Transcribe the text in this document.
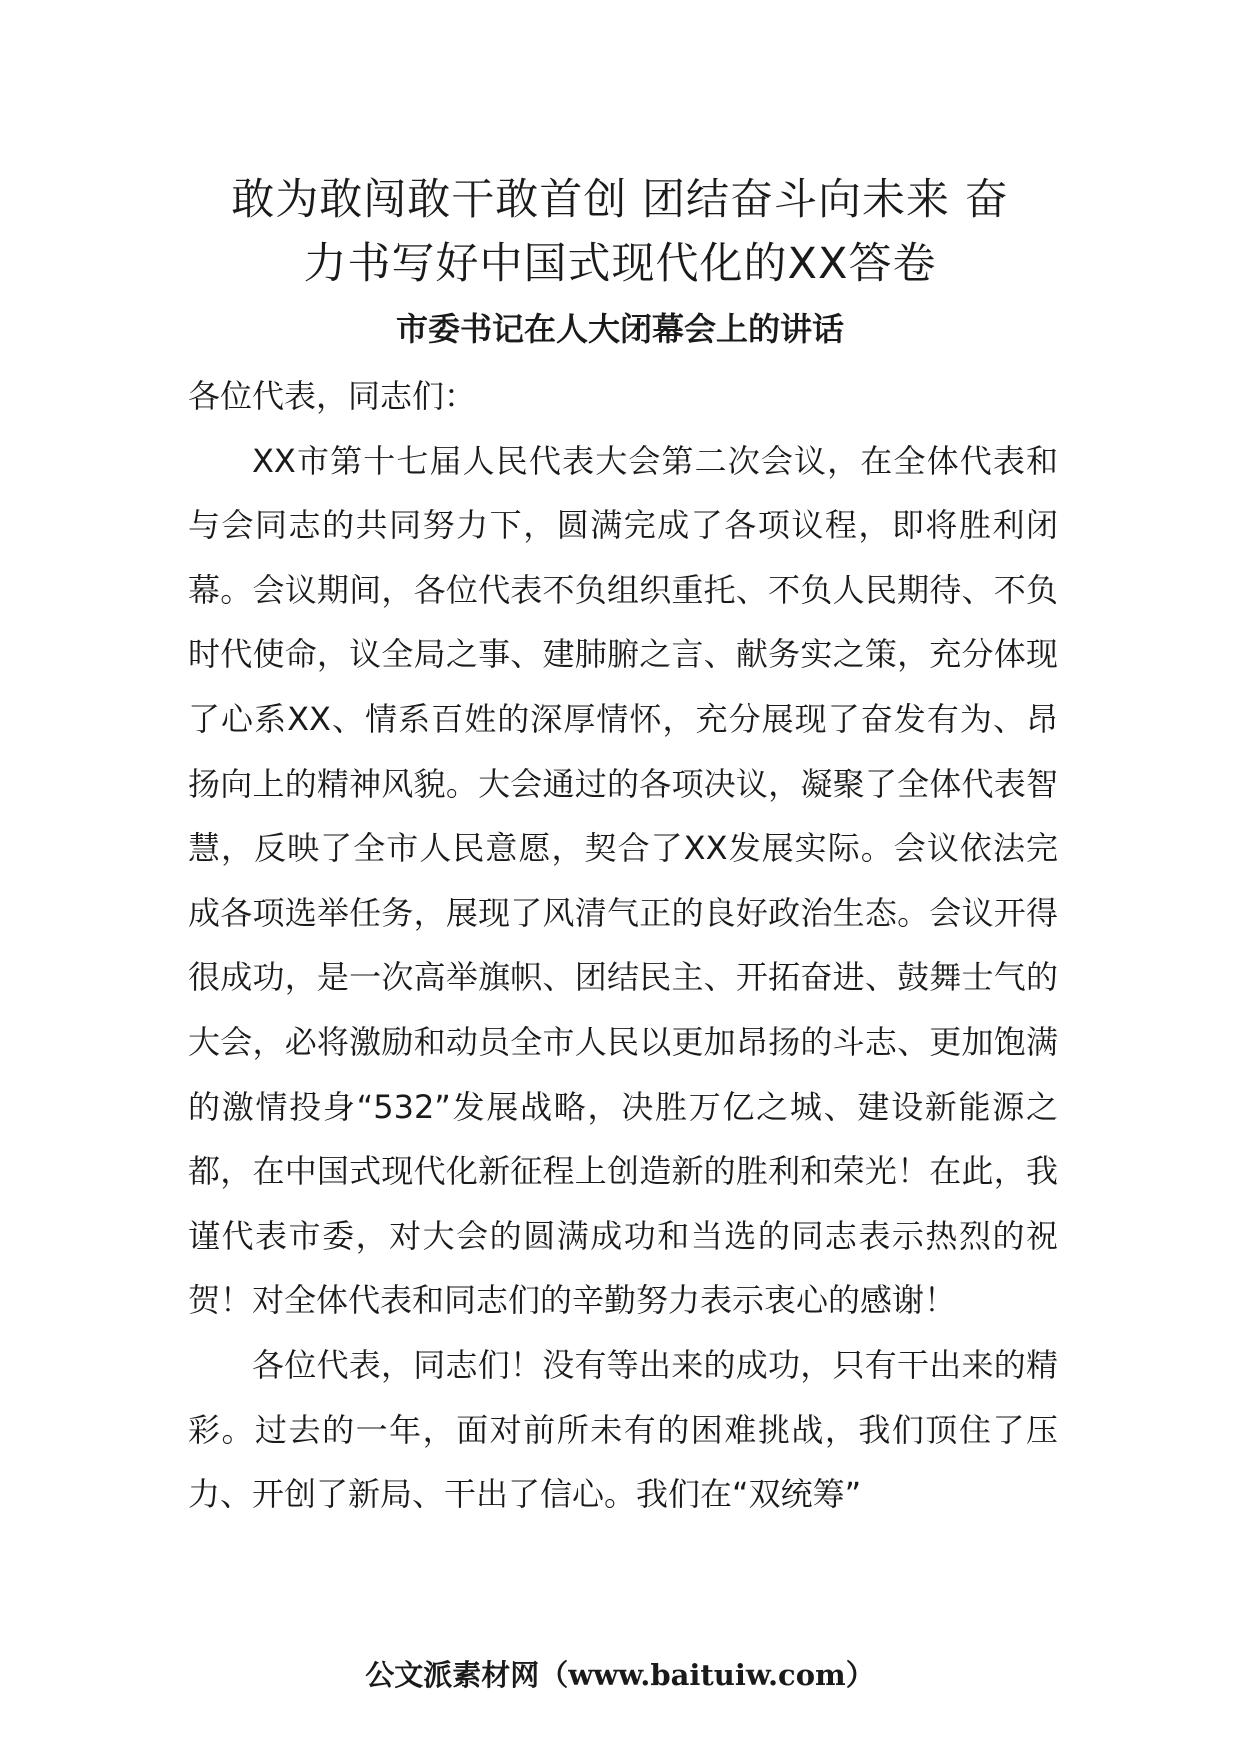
敢为敢闯敢干敢首创 团结奋斗向未来 奋
力书写好中国式现代化的XX答卷
市委书记在人大闭幕会上的讲话

各位代表，同志们：

XX市第十七届人民代表大会第二次会议，在全体代表和与会同志的共同努力下，圆满完成了各项议程，即将胜利闭幕。会议期间，各位代表不负组织重托、不负人民期待、不负时代使命，议全局之事、建肺腑之言、献务实之策，充分体现了心系XX、情系百姓的深厚情怀，充分展现了奋发有为、昂扬向上的精神风貌。大会通过的各项决议，凝聚了全体代表智慧，反映了全市人民意愿，契合了XX发展实际。会议依法完成各项选举任务，展现了风清气正的良好政治生态。会议开得很成功，是一次高举旗帜、团结民主、开拓奋进、鼓舞士气的大会，必将激励和动员全市人民以更加昂扬的斗志、更加饱满的激情投身“532”发展战略，决胜万亿之城、建设新能源之都，在中国式现代化新征程上创造新的胜利和荣光！在此，我谨代表市委，对大会的圆满成功和当选的同志表示热烈的祝贺！对全体代表和同志们的辛勤努力表示衷心的感谢！

各位代表，同志们！没有等出来的成功，只有干出来的精彩。过去的一年，面对前所未有的困难挑战，我们顶住了压力、开创了新局、干出了信心。我们在“双统筹”

公文派素材网（www.baituiw.com）
